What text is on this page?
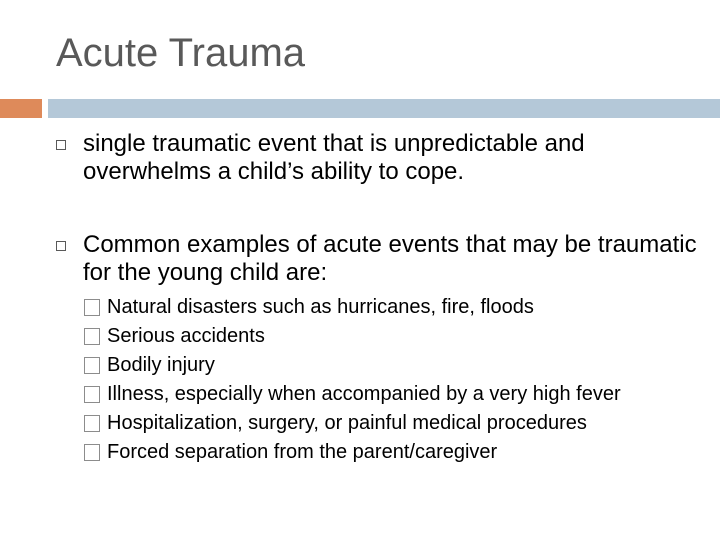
Acute Trauma
single traumatic event that is unpredictable and overwhelms a child’s ability to cope.
Common examples of acute events that may be traumatic for the young child are:
Natural disasters such as hurricanes, fire, floods
Serious accidents
Bodily injury
Illness, especially when accompanied by a very high fever
Hospitalization, surgery, or painful medical procedures
Forced separation from the parent/caregiver
